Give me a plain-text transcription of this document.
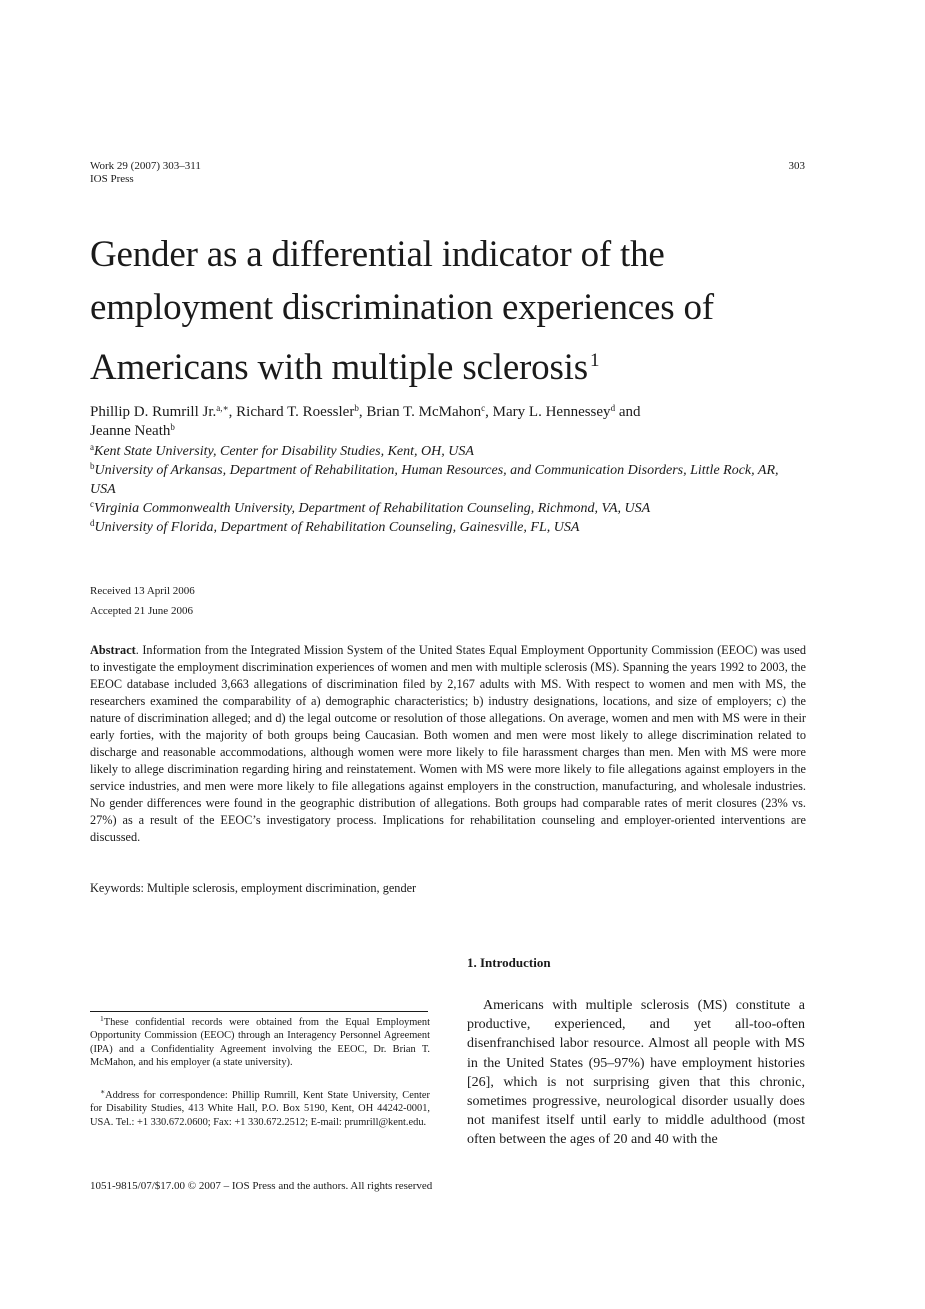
Work 29 (2007) 303–311
IOS Press
303
Gender as a differential indicator of the
employment discrimination experiences of
Americans with multiple sclerosis $^1$
Phillip D. Rumrill Jr.$^{a,∗}$, Richard T. Roessler$^b$, Brian T. McMahon$^c$, Mary L. Hennessey$^d$ and
Jeanne Neath$^b$
$^a$Kent State University, Center for Disability Studies, Kent, OH, USA
$^b$University of Arkansas, Department of Rehabilitation, Human Resources, and Communication Disorders, Little Rock, AR, USA
$^c$Virginia Commonwealth University, Department of Rehabilitation Counseling, Richmond, VA, USA
$^d$University of Florida, Department of Rehabilitation Counseling, Gainesville, FL, USA
Received 13 April 2006
Accepted 21 June 2006
Abstract. Information from the Integrated Mission System of the United States Equal Employment Opportunity Commission (EEOC) was used to investigate the employment discrimination experiences of women and men with multiple sclerosis (MS). Spanning the years 1992 to 2003, the EEOC database included 3,663 allegations of discrimination filed by 2,167 adults with MS. With respect to women and men with MS, the researchers examined the comparability of a) demographic characteristics; b) industry designations, locations, and size of employers; c) the nature of discrimination alleged; and d) the legal outcome or resolution of those allegations. On average, women and men with MS were in their early forties, with the majority of both groups being Caucasian. Both women and men were most likely to allege discrimination related to discharge and reasonable accommodations, although women were more likely to file harassment charges than men. Men with MS were more likely to allege discrimination regarding hiring and reinstatement. Women with MS were more likely to file allegations against employers in the service industries, and men were more likely to file allegations against employers in the construction, manufacturing, and wholesale industries. No gender differences were found in the geographic distribution of allegations. Both groups had comparable rates of merit closures (23% vs. 27%) as a result of the EEOC’s investigatory process. Implications for rehabilitation counseling and employer-oriented interventions are discussed.
Keywords: Multiple sclerosis, employment discrimination, gender
$^1$These confidential records were obtained from the Equal Employment Opportunity Commission (EEOC) through an Interagency Personnel Agreement (IPA) and a Confidentiality Agreement involving the EEOC, Dr. Brian T. McMahon, and his employer (a state university).
∗Address for correspondence: Phillip Rumrill, Kent State University, Center for Disability Studies, 413 White Hall, P.O. Box 5190, Kent, OH 44242-0001, USA. Tel.: +1 330.672.0600; Fax: +1 330.672.2512; E-mail: prumrill@kent.edu.
1. Introduction
Americans with multiple sclerosis (MS) constitute a productive, experienced, and yet all-too-often disenfranchised labor resource. Almost all people with MS in the United States (95–97%) have employment histories [26], which is not surprising given that this chronic, sometimes progressive, neurological disorder usually does not manifest itself until early to middle adulthood (most often between the ages of 20 and 40 with the
1051-9815/07/$17.00 © 2007 – IOS Press and the authors. All rights reserved
